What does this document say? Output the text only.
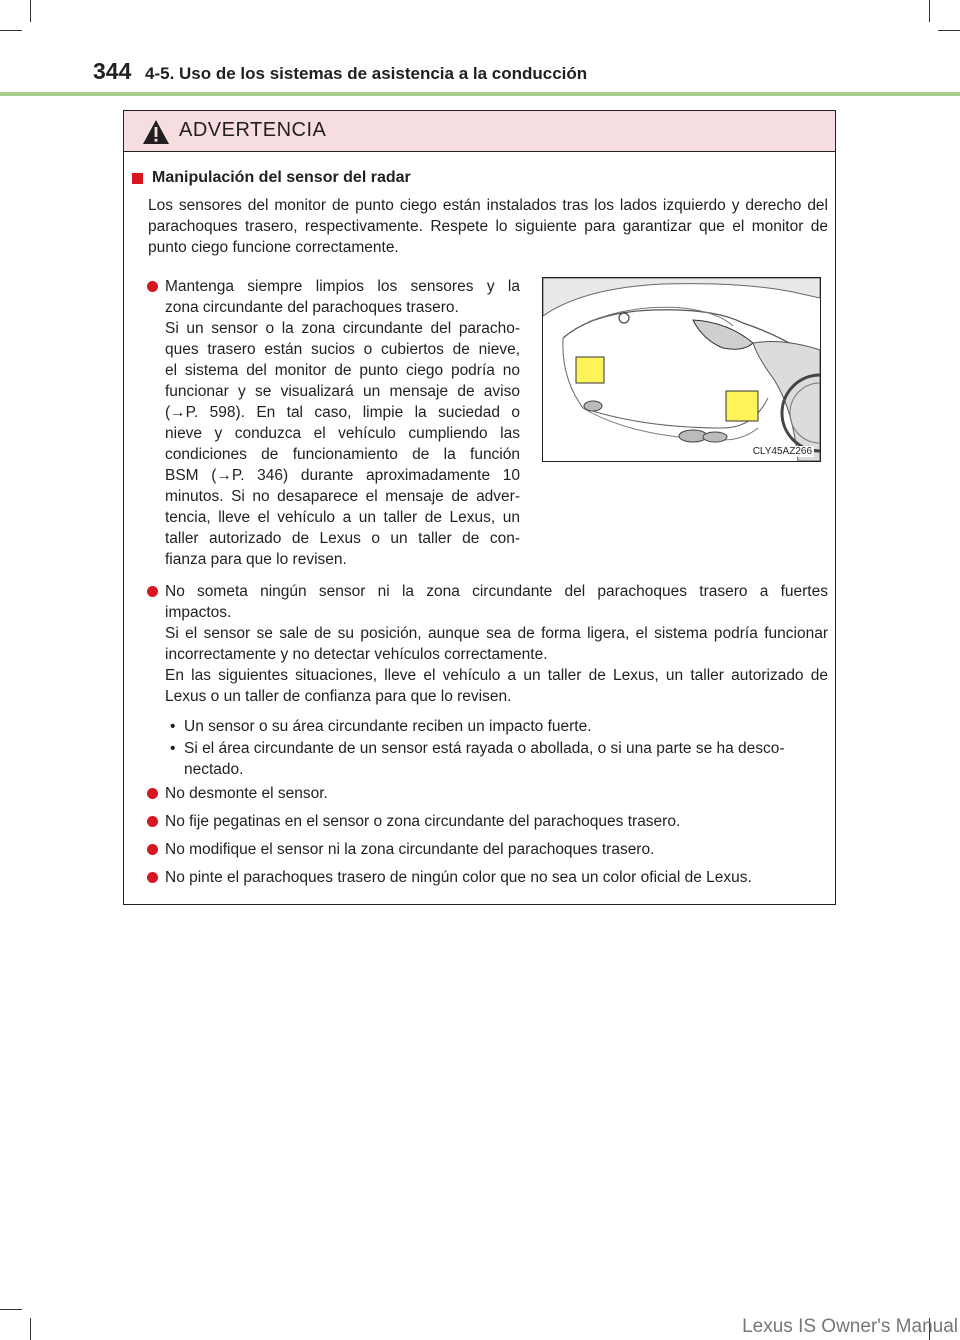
344 4-5. Uso de los sistemas de asistencia a la conducción
ADVERTENCIA
Manipulación del sensor del radar
Los sensores del monitor de punto ciego están instalados tras los lados izquierdo y derecho del parachoques trasero, respectivamente. Respete lo siguiente para garantizar que el monitor de punto ciego funcione correctamente.
Mantenga siempre limpios los sensores y la
zona circundante del parachoques trasero.
Si un sensor o la zona circundante del paracho-
ques trasero están sucios o cubiertos de nieve,
el sistema del monitor de punto ciego podría no
funcionar y se visualizará un mensaje de aviso
(→P. 598). En tal caso, limpie la suciedad o
nieve y conduzca el vehículo cumpliendo las
condiciones de funcionamiento de la función
BSM (→P. 346) durante aproximadamente 10
minutos. Si no desaparece el mensaje de adver-
tencia, lleve el vehículo a un taller de Lexus, un
taller autorizado de Lexus o un taller de con-
fianza para que lo revisen.
CLY45AZ266
No someta ningún sensor ni la zona circundante del parachoques trasero a fuertes
impactos.
Si el sensor se sale de su posición, aunque sea de forma ligera, el sistema podría funcionar
incorrectamente y no detectar vehículos correctamente.
En las siguientes situaciones, lleve el vehículo a un taller de Lexus, un taller autorizado de
Lexus o un taller de confianza para que lo revisen.
• Un sensor o su área circundante reciben un impacto fuerte.
• Si el área circundante de un sensor está rayada o abollada, o si una parte se ha desco-
nectado.
No desmonte el sensor.
No fije pegatinas en el sensor o zona circundante del parachoques trasero.
No modifique el sensor ni la zona circundante del parachoques trasero.
No pinte el parachoques trasero de ningún color que no sea un color oficial de Lexus.
Lexus IS Owner's Manual
